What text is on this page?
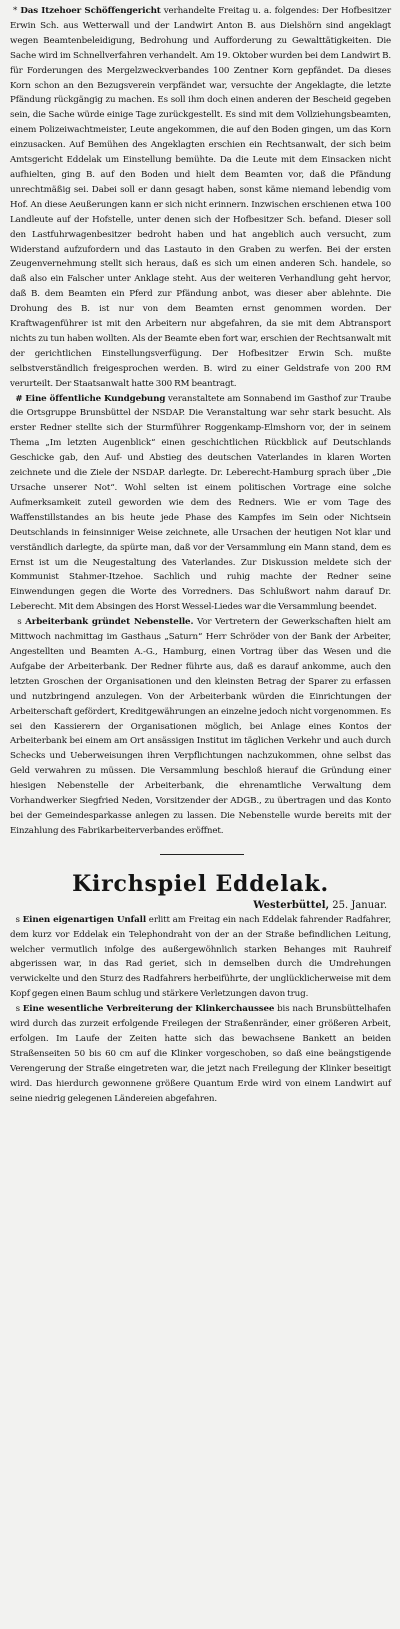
* Das Itzehoer Schöffengericht verhandelte Freitag u. a. folgendes: Der Hofbesitzer Erwin Sch. aus Wetterwall und der Landwirt Anton B. aus Dielshörn sind angeklagt wegen Beamtenbeleidigung, Bedrohung und Aufforderung zu Gewalttätigkeiten. Die Sache wird im Schnellverfahren verhandelt. Am 19. Oktober wurden bei dem Landwirt B. für Forderungen des Mergelzweckverbandes 100 Zentner Korn gepfändet. Da dieses Korn schon an den Bezugsverein verpfändet war, versuchte der Angeklagte, die letzte Pfändung rückgängig zu machen. Es soll ihm doch einen anderen der Bescheid gegeben sein, die Sache würde einige Tage zurückgestellt. Es sind mit dem Vollziehungsbeamten, einem Polizeiwachtmeister, Leute angekommen, die auf den Boden gingen, um das Korn einzusacken. Auf Bemühen des Angeklagten erschien ein Rechtsanwalt, der sich beim Amtsgericht Eddelak um Einstellung bemühte. Da die Leute mit dem Einsacken nicht aufhielten, ging B. auf den Boden und hielt dem Beamten vor, daß die Pfändung unrechtmäßig sei. Dabei soll er dann gesagt haben, sonst käme niemand lebendig vom Hof. An diese Aeußerungen kann er sich nicht erinnern. Inzwischen erschienen etwa 100 Landleute auf der Hofstelle, unter denen sich der Hofbesitzer Sch. befand. Dieser soll den Lastfuhrwagenbesitzer bedroht haben und hat angeblich auch versucht, zum Widerstand aufzufordern und das Lastauto in den Graben zu werfen. Bei der ersten Zeugenvernehmung stellt sich heraus, daß es sich um einen anderen Sch. handele, so daß also ein Falscher unter Anklage steht. Aus der weiteren Verhandlung geht hervor, daß B. dem Beamten ein Pferd zur Pfändung anbot, was dieser aber ablehnte. Die Drohung des B. ist nur von dem Beamten ernst genommen worden. Der Kraftwagenführer ist mit den Arbeitern nur abgefahren, da sie mit dem Abtransport nichts zu tun haben wollten. Als der Beamte eben fort war, erschien der Rechtsanwalt mit der gerichtlichen Einstellungsverfügung. Der Hofbesitzer Erwin Sch. mußte selbstverständlich freigesprochen werden. B. wird zu einer Geldstrafe von 200 RM verurteilt. Der Staatsanwalt hatte 300 RM beantragt.

# Eine öffentliche Kundgebung veranstaltete am Sonnabend im Gasthof zur Traube die Ortsgruppe Brunsbüttel der NSDAP. Die Veranstaltung war sehr stark besucht. Als erster Redner stellte sich der Sturmführer Roggenkamp-Elmshorn vor, der in seinem Thema „Im letzten Augenblick“ einen geschichtlichen Rückblick auf Deutschlands Geschicke gab, den Auf- und Abstieg des deutschen Vaterlandes in klaren Worten zeichnete und die Ziele der NSDAP. darlegte. Dr. Leberecht-Hamburg sprach über „Die Ursache unserer Not“. Wohl selten ist einem politischen Vortrage eine solche Aufmerksamkeit zuteil geworden wie dem des Redners. Wie er vom Tage des Waffenstillstandes an bis heute jede Phase des Kampfes im Sein oder Nichtsein Deutschlands in feinsinniger Weise zeichnete, alle Ursachen der heutigen Not klar und verständlich darlegte, da spürte man, daß vor der Versammlung ein Mann stand, dem es Ernst ist um die Neugestaltung des Vaterlandes. Zur Diskussion meldete sich der Kommunist Stahmer-Itzehoe. Sachlich und ruhig machte der Redner seine Einwendungen gegen die Worte des Vorredners. Das Schlußwort nahm darauf Dr. Leberecht. Mit dem Absingen des Horst Wessel-Liedes war die Versammlung beendet.

s Arbeiterbank gründet Nebenstelle. Vor Vertretern der Gewerkschaften hielt am Mittwoch nachmittag im Gasthaus „Saturn“ Herr Schröder von der Bank der Arbeiter, Angestellten und Beamten A.-G., Hamburg, einen Vortrag über das Wesen und die Aufgabe der Arbeiterbank. Der Redner führte aus, daß es darauf ankomme, auch den letzten Groschen der Organisationen und den kleinsten Betrag der Sparer zu erfassen und nutzbringend anzulegen. Von der Arbeiterbank würden die Einrichtungen der Arbeiterschaft gefördert, Kreditgewährungen an einzelne jedoch nicht vorgenommen. Es sei den Kassierern der Organisationen möglich, bei Anlage eines Kontos der Arbeiterbank bei einem am Ort ansässigen Institut im täglichen Verkehr und auch durch Schecks und Ueberweisungen ihren Verpflichtungen nachzukommen, ohne selbst das Geld verwahren zu müssen. Die Versammlung beschloß hierauf die Gründung einer hiesigen Nebenstelle der Arbeiterbank, die ehrenamtliche Verwaltung dem Vorhandwerker Siegfried Neden, Vorsitzender der ADGB., zu übertragen und das Konto bei der Gemeindesparkasse anlegen zu lassen. Die Nebenstelle wurde bereits mit der Einzahlung des Fabrikarbeiterverbandes eröffnet.

Kirchspiel Eddelak.

Westerbüttel, 25. Januar.

s Einen eigenartigen Unfall erlitt am Freitag ein nach Eddelak fahrender Radfahrer, dem kurz vor Eddelak ein Telephondraht von der an der Straße befindlichen Leitung, welcher vermutlich infolge des außergewöhnlich starken Behanges mit Rauhreif abgerissen war, in das Rad geriet, sich in demselben durch die Umdrehungen verwickelte und den Sturz des Radfahrers herbeiführte, der unglücklicherweise mit dem Kopf gegen einen Baum schlug und stärkere Verletzungen davon trug.

s Eine wesentliche Verbreiterung der Klinkerchaussee bis nach Brunsbüttelhafen wird durch das zurzeit erfolgende Freilegen der Straßenränder, einer größeren Arbeit, erfolgen. Im Laufe der Zeiten hatte sich das bewachsene Bankett an beiden Straßenseiten 50 bis 60 cm auf die Klinker vorgeschoben, so daß eine beängstigende Verengerung der Straße eingetreten war, die jetzt nach Freilegung der Klinker beseitigt wird. Das hierdurch gewonnene größere Quantum Erde wird von einem Landwirt auf seine niedrig gelegenen Ländereien abgefahren.
